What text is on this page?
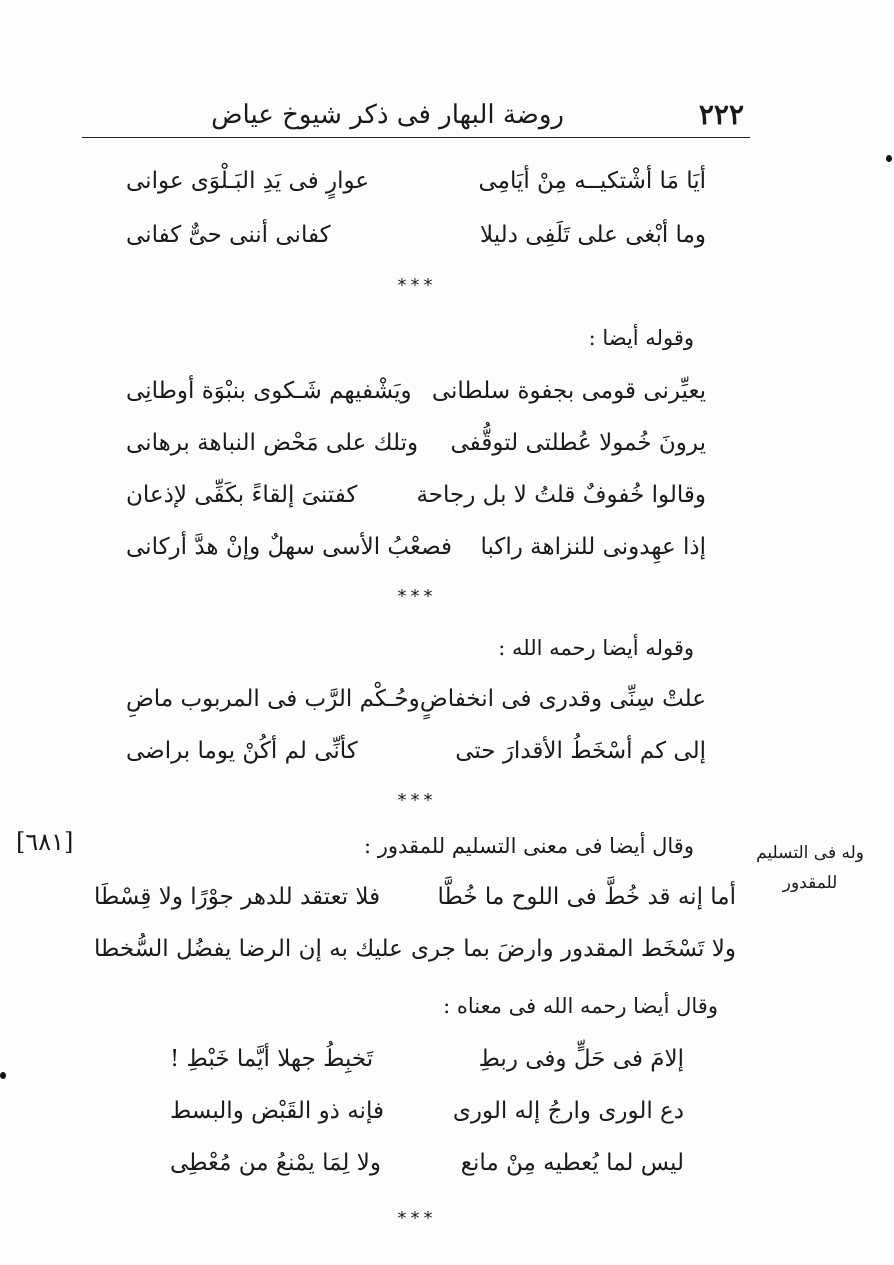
روضة البهار فى ذكر شيوخ عياض	٢٢٢
أيَا مَا أشْتكيــه مِنْ أيَامِى
عوارٍ فى يَدِ البَـلْوَى عوانى
وما أبْغى على تَلَفِى دليلا
كفانى أننى حىٌّ كفانى
***
وقوله أيضا :
يعيِّرنى قومى بجفوة سلطانى
ويَشْفيهم شَـكوى بنبْوَة أوطانِى
يرونَ خُمولا عُطلتى لتوقُّفى
وتلك على مَحْض النباهة برهانى
وقالوا خُفوفٌ قلتُ لا بل رجاحة
كفتنىَ إلقاءً بكَفِّى لإذعان
إذا عهِدونى للنزاهة راكبا
فصعْبُ الأسى سهلٌ وإنْ هدَّ أركانى
***
وقوله أيضا رحمه الله :
علتْ سِنِّى وقدرى فى انخفاضٍ
وحُـكْم الرَّب فى المربوب ماضِ
إلى كم أسْخَطُ الأقدارَ حتى
كأنِّى لم أكُنْ يوما براضى
***
وقال أيضا فى معنى التسليم للمقدور :
أما إنه قد خُطَّ فى اللوح ما خُطَّا
فلا تعتقد للدهر جوْرًا ولا قِسْطَا
ولا تَسْخَط المقدور وارضَ بما جرى
عليك به إن الرضا يفضُل السُّخطا
وقال أيضا رحمه الله فى معناه :
إلامَ فى حَلٍّ وفى ربطِ
تَخبِطُ جهلا أيَّما خَبْطِ !
دع الورى وارجُ إله الورى
فإنه ذو القَبْض والبسط
ليس لما يُعطيه مِنْ مانع
ولا لِمَا يمْنعُ من مُعْطِى
***
وله فى التسليم
للمقدور
[٦٨١]
